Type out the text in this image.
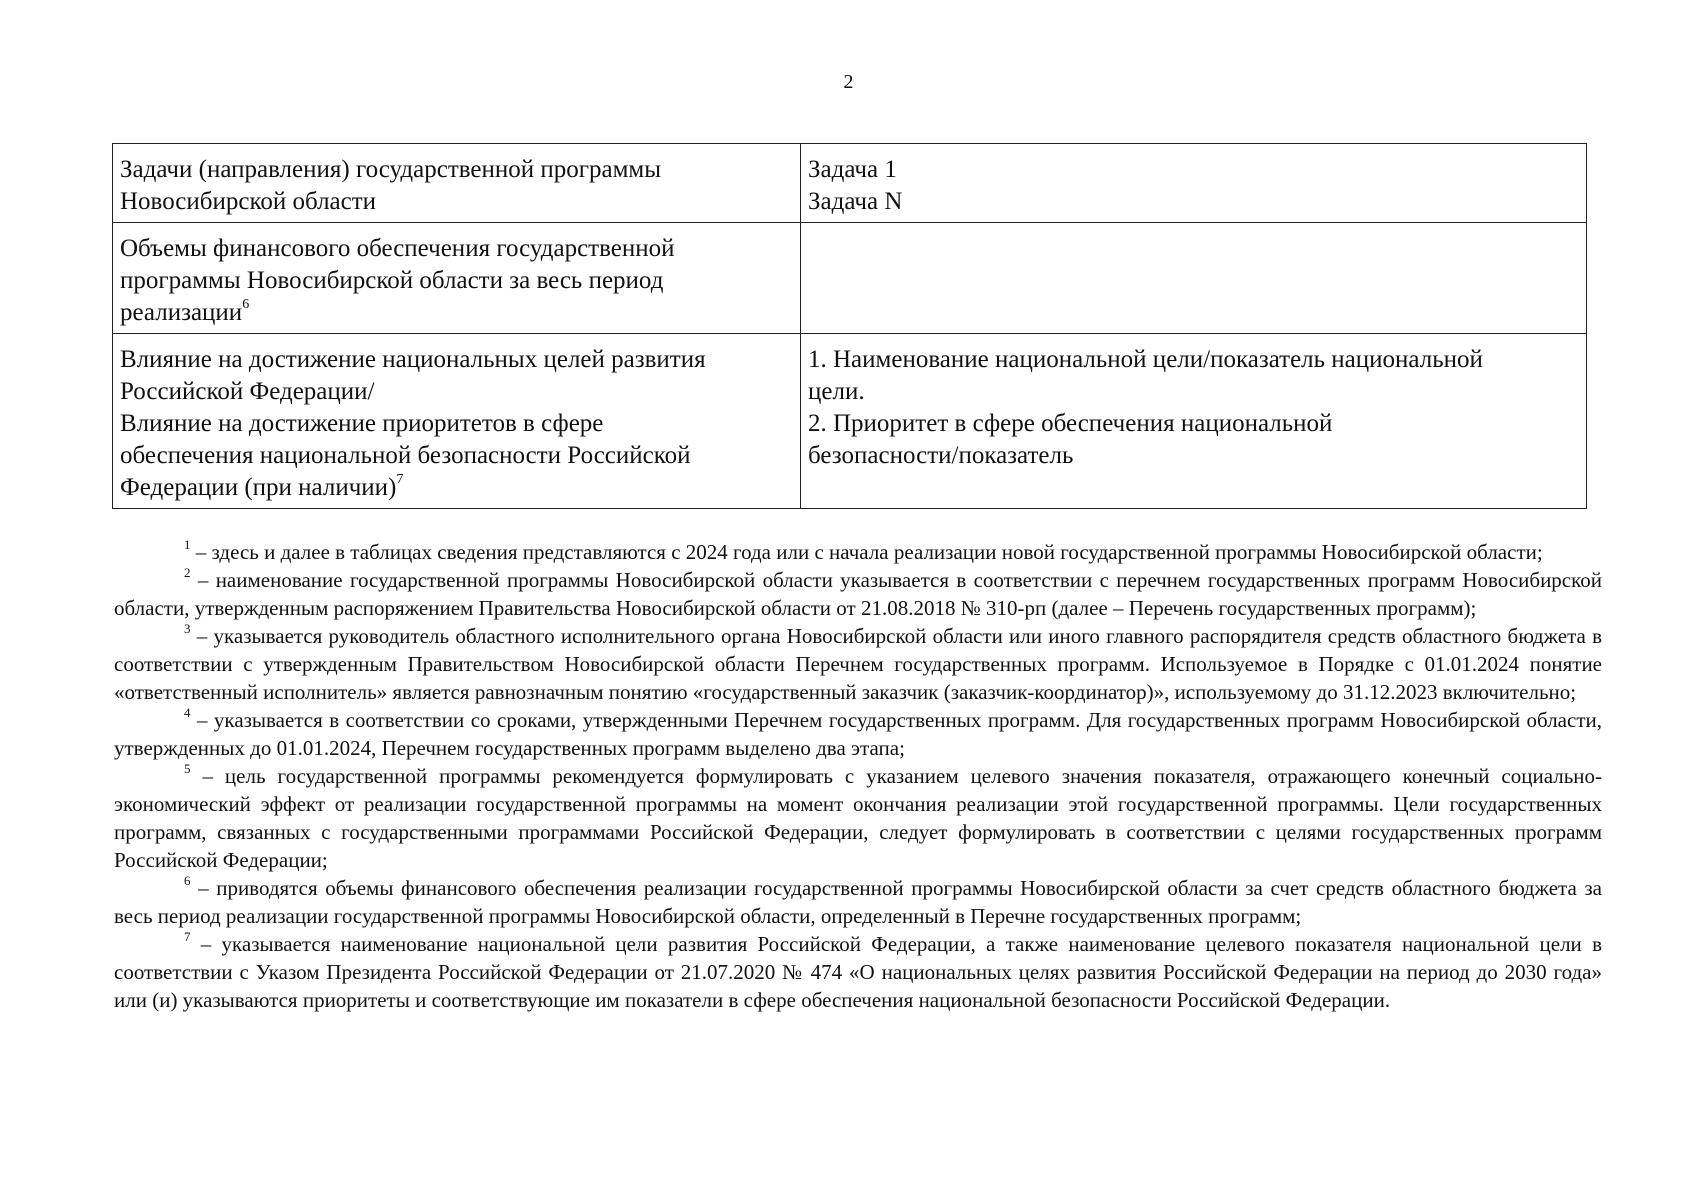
2
Задачи (направления) государственной программы
Новосибирской области	Задача 1
Задача N

Объемы финансового обеспечения государственной
программы Новосибирской области за весь период
реализации$^6$

Влияние на достижение национальных целей развития
Российской Федерации/
Влияние на достижение приоритетов в сфере
обеспечения национальной безопасности Российской
Федерации (при наличии)$^7$	1. Наименование национальной цели/показатель национальной
цели.
2. Приоритет в сфере обеспечения национальной
безопасности/показатель

$^1$ – здесь и далее в таблицах сведения представляются с 2024 года или с начала реализации новой государственной программы Новосибирской области;

$^2$ – наименование государственной программы Новосибирской области указывается в соответствии с перечнем государственных программ Новосибирской области, утвержденным распоряжением Правительства Новосибирской области от 21.08.2018 № 310-рп (далее – Перечень государственных программ);

$^3$ – указывается руководитель областного исполнительного органа Новосибирской области или иного главного распорядителя средств областного бюджета в соответствии с утвержденным Правительством Новосибирской области Перечнем государственных программ. Используемое в Порядке с 01.01.2024 понятие «ответственный исполнитель» является равнозначным понятию «государственный заказчик (заказчик-координатор)», используемому до 31.12.2023 включительно;

$^4$ – указывается в соответствии со сроками, утвержденными Перечнем государственных программ. Для государственных программ Новосибирской области, утвержденных до 01.01.2024, Перечнем государственных программ выделено два этапа;

$^5$ – цель государственной программы рекомендуется формулировать с указанием целевого значения показателя, отражающего конечный социально-экономический эффект от реализации государственной программы на момент окончания реализации этой государственной программы. Цели государственных программ, связанных с государственными программами Российской Федерации, следует формулировать в соответствии с целями государственных программ Российской Федерации;

$^6$ – приводятся объемы финансового обеспечения реализации государственной программы Новосибирской области за счет средств областного бюджета за весь период реализации государственной программы Новосибирской области, определенный в Перечне государственных программ;

$^7$ – указывается наименование национальной цели развития Российской Федерации, а также наименование целевого показателя национальной цели в соответствии с Указом Президента Российской Федерации от 21.07.2020 № 474 «О национальных целях развития Российской Федерации на период до 2030 года» или (и) указываются приоритеты и соответствующие им показатели в сфере обеспечения национальной безопасности Российской Федерации.
